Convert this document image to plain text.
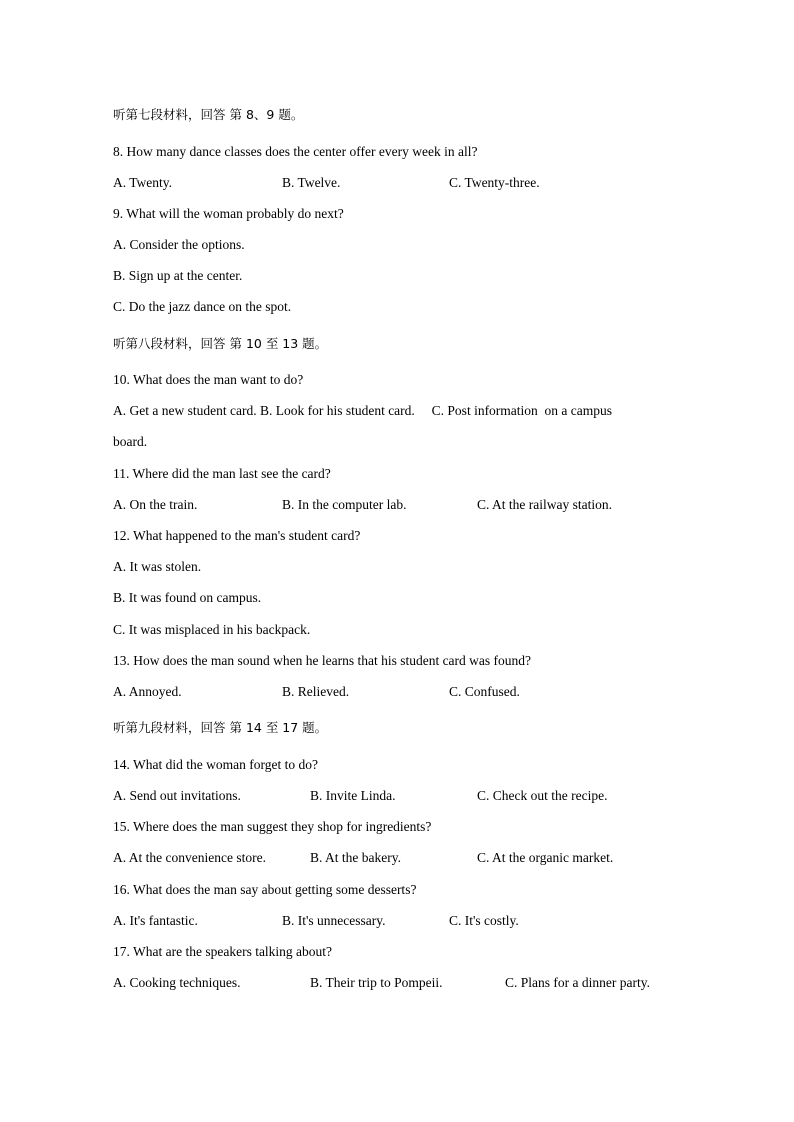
听第七段材料，回答 第 8、9 题。
8. How many dance classes does the center offer every week in all?
A. Twenty.	B. Twelve.	C. Twenty-three.
9. What will the woman probably do next?
A. Consider the options.
B. Sign up at the center.
C. Do the jazz dance on the spot.
听第八段材料，回答 第 10 至 13 题。
10. What does the man want to do?
A. Get a new student card. B. Look for his student card.     C. Post information  on a campus
board.
11. Where did the man last see the card?
A. On the train.	B. In the computer lab.	C. At the railway station.
12. What happened to the man's student card?
A. It was stolen.
B. It was found on campus.
C. It was misplaced in his backpack.
13. How does the man sound when he learns that his student card was found?
A. Annoyed.	B. Relieved.	C. Confused.
听第九段材料，回答 第 14 至 17 题。
14. What did the woman forget to do?
A. Send out invitations.	B. Invite Linda.	C. Check out the recipe.
15. Where does the man suggest they shop for ingredients?
A. At the convenience store.	B. At the bakery.	C. At the organic market.
16. What does the man say about getting some desserts?
A. It's fantastic.	B. It's unnecessary.	C. It's costly.
17. What are the speakers talking about?
A. Cooking techniques.	B. Their trip to Pompeii.	C. Plans for a dinner party.
